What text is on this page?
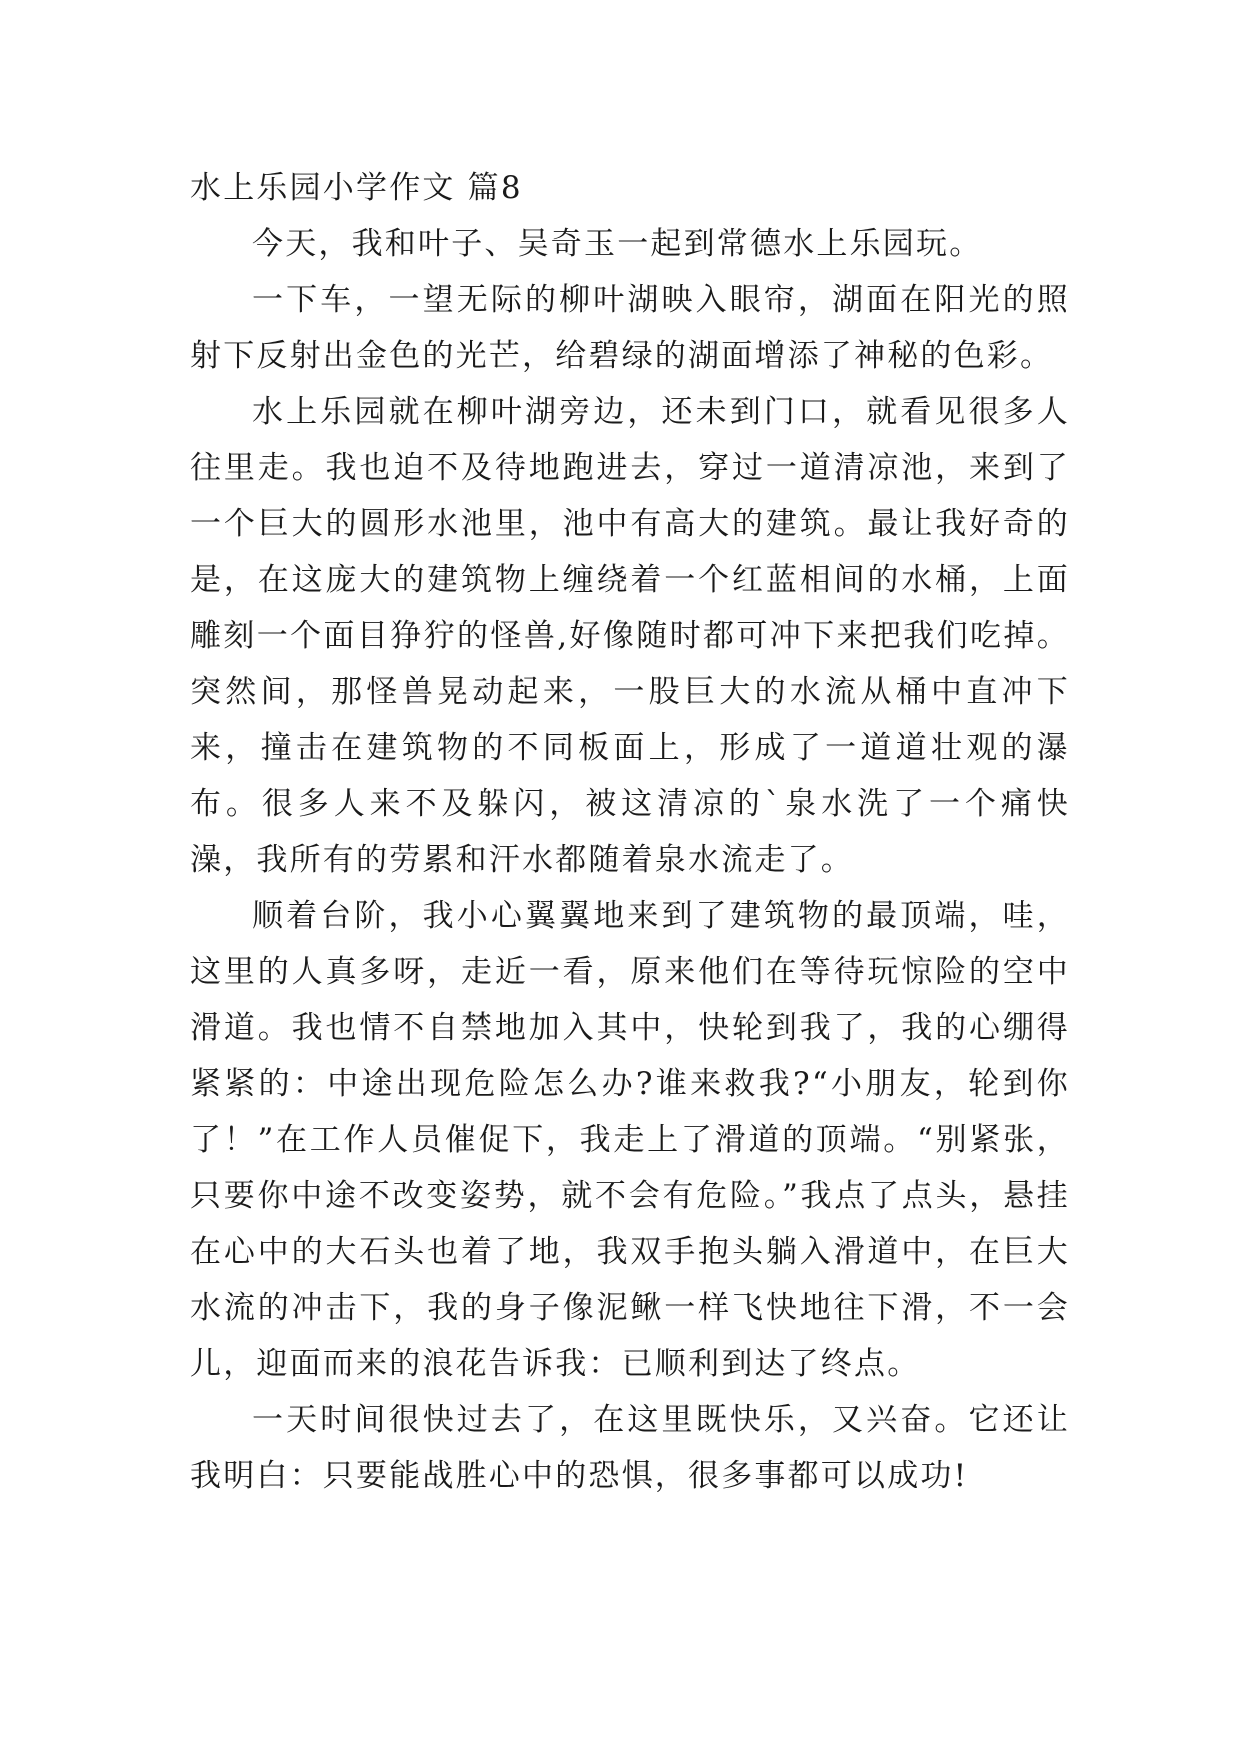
水上乐园小学作文 篇8

今天，我和叶子、吴奇玉一起到常德水上乐园玩。

一下车，一望无际的柳叶湖映入眼帘，湖面在阳光的照射下反射出金色的光芒，给碧绿的湖面增添了神秘的色彩。

水上乐园就在柳叶湖旁边，还未到门口，就看见很多人往里走。我也迫不及待地跑进去，穿过一道清凉池，来到了一个巨大的圆形水池里，池中有高大的建筑。最让我好奇的是，在这庞大的建筑物上缠绕着一个红蓝相间的水桶，上面雕刻一个面目狰狞的怪兽,好像随时都可冲下来把我们吃掉。突然间，那怪兽晃动起来，一股巨大的水流从桶中直冲下来，撞击在建筑物的不同板面上，形成了一道道壮观的瀑布。很多人来不及躲闪，被这清凉的`泉水洗了一个痛快澡，我所有的劳累和汗水都随着泉水流走了。

顺着台阶，我小心翼翼地来到了建筑物的最顶端，哇，这里的人真多呀，走近一看，原来他们在等待玩惊险的空中滑道。我也情不自禁地加入其中，快轮到我了，我的心绷得紧紧的：中途出现危险怎么办?谁来救我?“小朋友，轮到你了！”在工作人员催促下，我走上了滑道的顶端。“别紧张，只要你中途不改变姿势，就不会有危险。”我点了点头，悬挂在心中的大石头也着了地，我双手抱头躺入滑道中，在巨大水流的冲击下，我的身子像泥鳅一样飞快地往下滑，不一会儿，迎面而来的浪花告诉我：已顺利到达了终点。

一天时间很快过去了，在这里既快乐，又兴奋。它还让我明白：只要能战胜心中的恐惧，很多事都可以成功!
